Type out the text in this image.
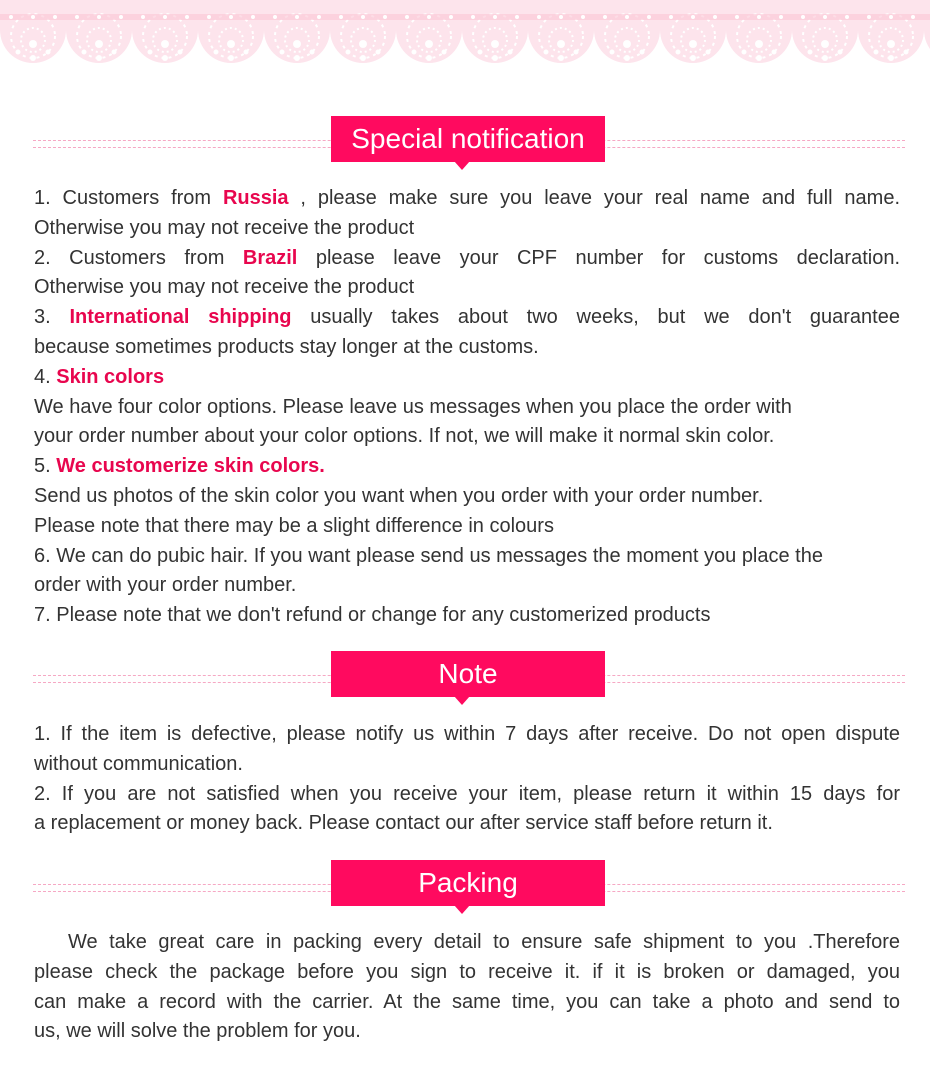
Special notification

1. Customers from Russia , please make sure you leave your real name and full name.

Otherwise you may not receive the product

2. Customers from Brazil please leave your CPF number for customs declaration.

Otherwise you may not receive the product

3. International shipping usually takes about two weeks, but we don't guarantee

because sometimes products stay longer at the customs.

4. Skin colors

We have four color options. Please leave us messages when you place the order with

your order number about your color options. If not, we will make it normal skin color.

5. We customerize skin colors.

Send us photos of the skin color you want when you order with your order number.

Please note that there may be a slight difference in colours

6. We can do pubic hair. If you want please send us messages the moment you place the

order with your order number.

7. Please note that we don't refund or change for any customerized products

Note

1. If the item is defective, please notify us within 7 days after receive. Do not open dispute

without communication.

2. If you are not satisfied when you receive your item, please return it within 15 days for

a replacement or money back. Please contact our after service staff before return it.

Packing

We take great care in packing every detail to ensure safe shipment to you .Therefore

please check the package before you sign to receive it. if it is broken or damaged, you

can make a record with the carrier. At the same time, you can take a photo and send to

us, we will solve the problem for you.
